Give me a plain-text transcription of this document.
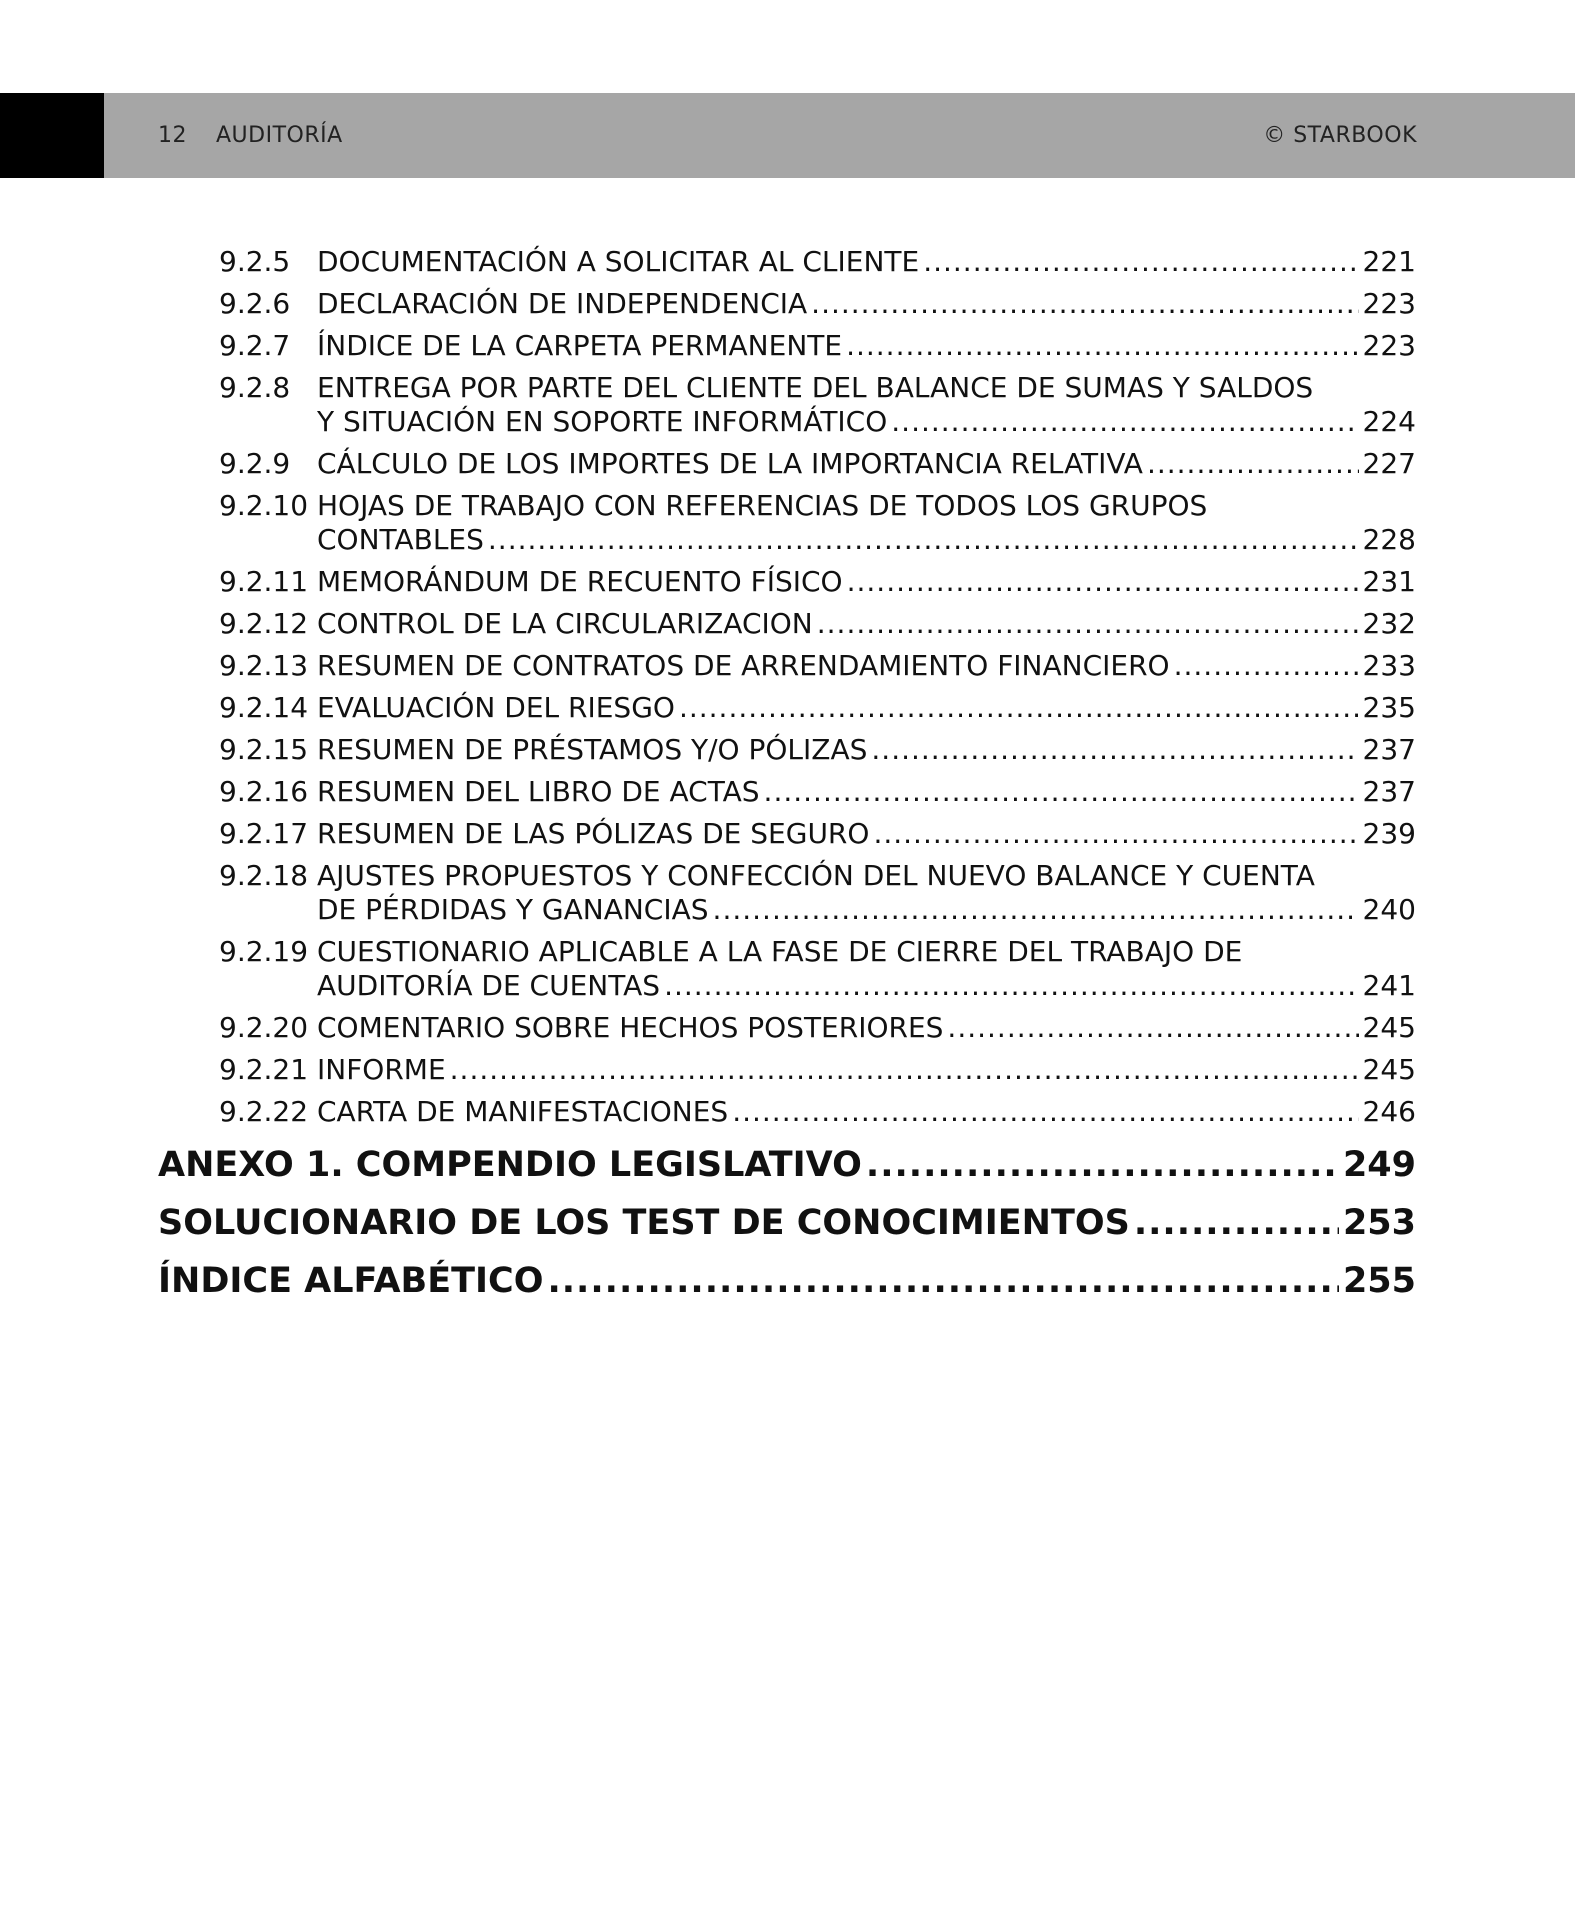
12 AUDITORÍA	© STARBOOK
9.2.5 DOCUMENTACIÓN A SOLICITAR AL CLIENTE .....	221
9.2.6 DECLARACIÓN DE INDEPENDENCIA .....	223
9.2.7 ÍNDICE DE LA CARPETA PERMANENTE .....	223
9.2.8 ENTREGA POR PARTE DEL CLIENTE DEL BALANCE DE SUMAS Y SALDOS
Y SITUACIÓN EN SOPORTE INFORMÁTICO .....	224
9.2.9 CÁLCULO DE LOS IMPORTES DE LA IMPORTANCIA RELATIVA .....	227
9.2.10 HOJAS DE TRABAJO CON REFERENCIAS DE TODOS LOS GRUPOS
CONTABLES .....	228
9.2.11 MEMORÁNDUM DE RECUENTO FÍSICO .....	231
9.2.12 CONTROL DE LA CIRCULARIZACION .....	232
9.2.13 RESUMEN DE CONTRATOS DE ARRENDAMIENTO FINANCIERO .....	233
9.2.14 EVALUACIÓN DEL RIESGO .....	235
9.2.15 RESUMEN DE PRÉSTAMOS Y/O PÓLIZAS .....	237
9.2.16 RESUMEN DEL LIBRO DE ACTAS .....	237
9.2.17 RESUMEN DE LAS PÓLIZAS DE SEGURO .....	239
9.2.18 AJUSTES PROPUESTOS Y CONFECCIÓN DEL NUEVO BALANCE Y CUENTA
DE PÉRDIDAS Y GANANCIAS .....	240
9.2.19 CUESTIONARIO APLICABLE A LA FASE DE CIERRE DEL TRABAJO DE
AUDITORÍA DE CUENTAS .....	241
9.2.20 COMENTARIO SOBRE HECHOS POSTERIORES .....	245
9.2.21 INFORME .....	245
9.2.22 CARTA DE MANIFESTACIONES .....	246
ANEXO 1. COMPENDIO LEGISLATIVO .....	249
SOLUCIONARIO DE LOS TEST DE CONOCIMIENTOS .....	253
ÍNDICE ALFABÉTICO .....	255
